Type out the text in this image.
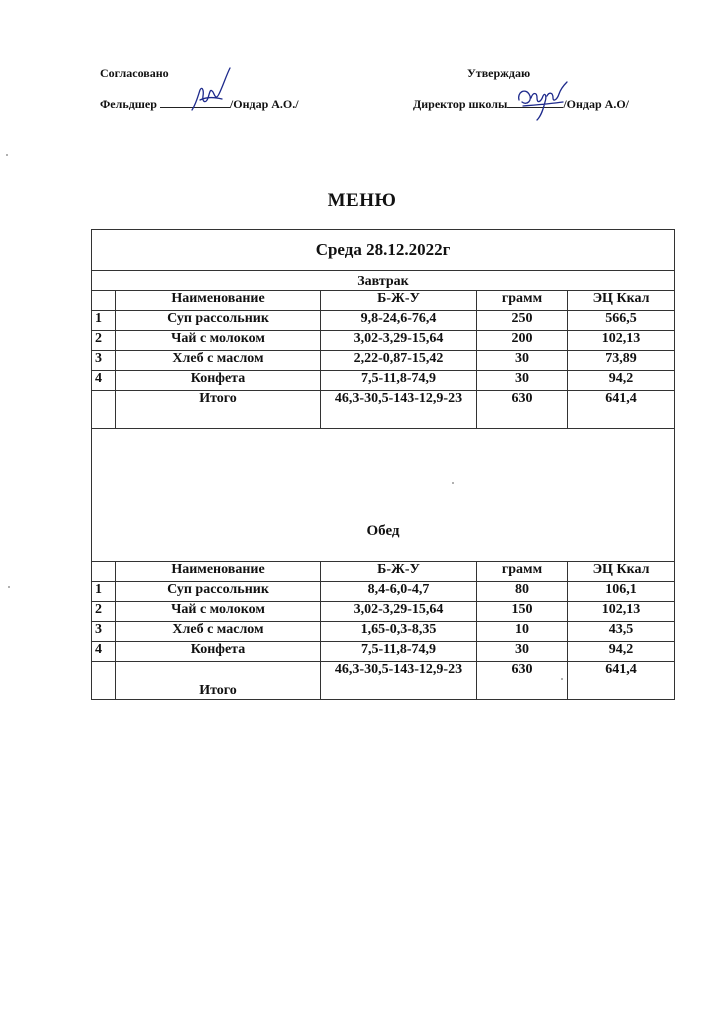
Согласовано	Утверждаю
Фельдшер	/Ондар А.О./	Директор школы	/Ондар А.О/
МЕНЮ
Среда 28.12.2022г				
Завтрак				
	Наименование	Б-Ж-У	грамм	ЭЦ Ккал
1	Суп рассольник	9,8-24,6-76,4	250	566,5
2	Чай с молоком	3,02-3,29-15,64	200	102,13
3	Хлеб с маслом	2,22-0,87-15,42	30	73,89
4	Конфета	7,5-11,8-74,9	30	94,2
	Итого	46,3-30,5-143-12,9-23	630	641,4
Обед				
	Наименование	Б-Ж-У	грамм	ЭЦ Ккал
1	Суп рассольник	8,4-6,0-4,7	80	106,1
2	Чай с молоком	3,02-3,29-15,64	150	102,13
3	Хлеб с маслом	1,65-0,3-8,35	10	43,5
4	Конфета	7,5-11,8-74,9	30	94,2
	Итого	46,3-30,5-143-12,9-23	630	641,4
